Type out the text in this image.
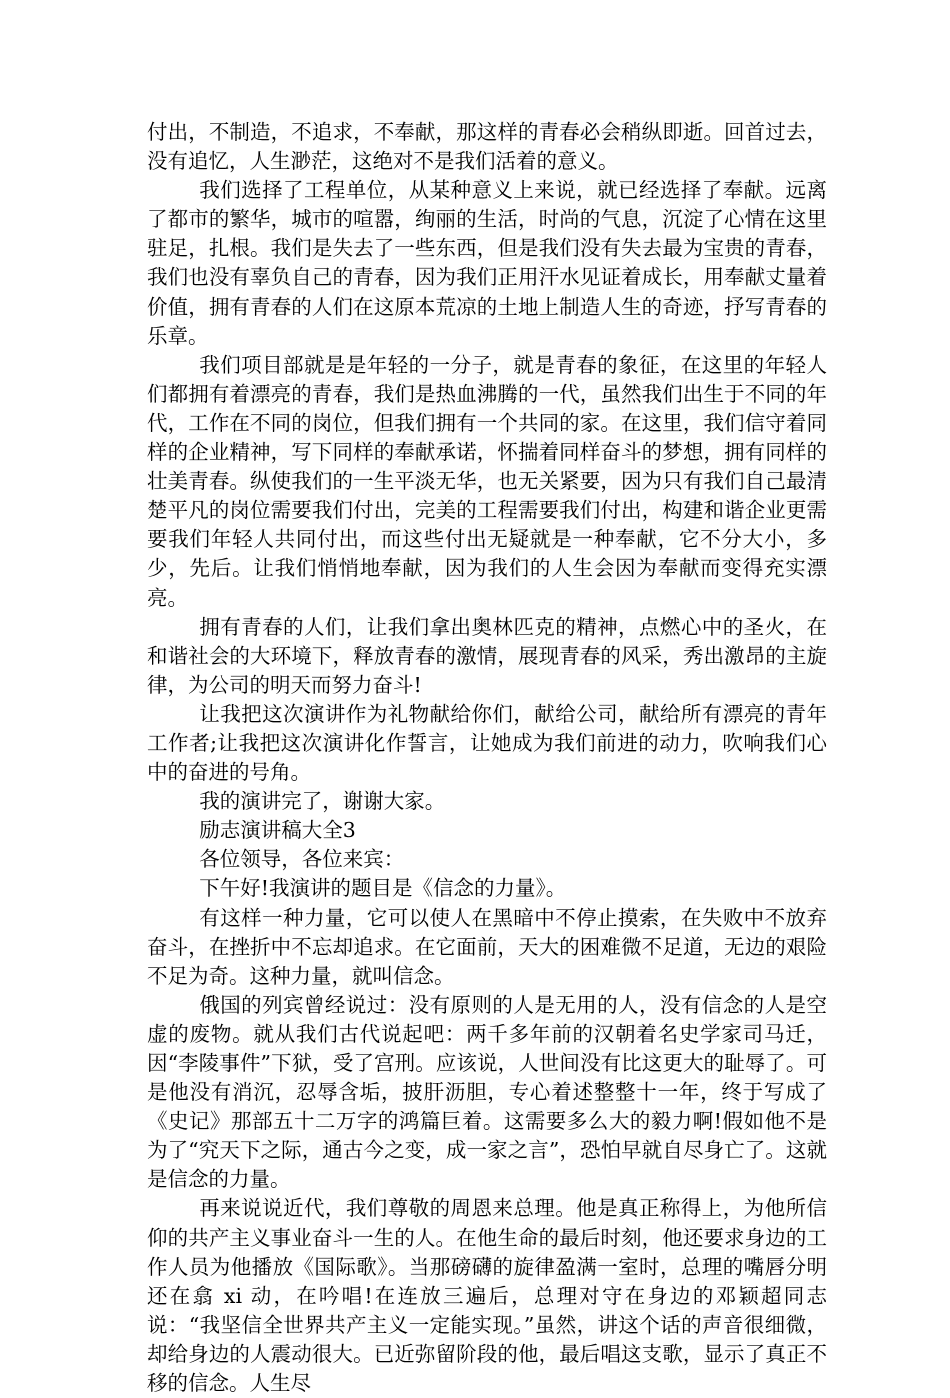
付出，不制造，不追求，不奉献，那这样的青春必会稍纵即逝。回首过去，没有追忆，人生渺茫，这绝对不是我们活着的意义。

我们选择了工程单位，从某种意义上来说，就已经选择了奉献。远离了都市的繁华，城市的喧嚣，绚丽的生活，时尚的气息，沉淀了心情在这里驻足，扎根。我们是失去了一些东西，但是我们没有失去最为宝贵的青春，我们也没有辜负自己的青春，因为我们正用汗水见证着成长，用奉献丈量着价值，拥有青春的人们在这原本荒凉的土地上制造人生的奇迹，抒写青春的乐章。

我们项目部就是是年轻的一分子，就是青春的象征，在这里的年轻人们都拥有着漂亮的青春，我们是热血沸腾的一代，虽然我们出生于不同的年代，工作在不同的岗位，但我们拥有一个共同的家。在这里，我们信守着同样的企业精神，写下同样的奉献承诺，怀揣着同样奋斗的梦想，拥有同样的壮美青春。纵使我们的一生平淡无华，也无关紧要，因为只有我们自己最清楚平凡的岗位需要我们付出，完美的工程需要我们付出，构建和谐企业更需要我们年轻人共同付出，而这些付出无疑就是一种奉献，它不分大小，多少，先后。让我们悄悄地奉献，因为我们的人生会因为奉献而变得充实漂亮。

拥有青春的人们，让我们拿出奥林匹克的精神，点燃心中的圣火，在和谐社会的大环境下，释放青春的激情，展现青春的风采，秀出激昂的主旋律，为公司的明天而努力奋斗!

让我把这次演讲作为礼物献给你们，献给公司，献给所有漂亮的青年工作者;让我把这次演讲化作誓言，让她成为我们前进的动力，吹响我们心中的奋进的号角。

我的演讲完了，谢谢大家。

励志演讲稿大全3

各位领导，各位来宾：

下午好!我演讲的题目是《信念的力量》。

有这样一种力量，它可以使人在黑暗中不停止摸索，在失败中不放弃奋斗，在挫折中不忘却追求。在它面前，天大的困难微不足道，无边的艰险不足为奇。这种力量，就叫信念。

俄国的列宾曾经说过：没有原则的人是无用的人，没有信念的人是空虚的废物。就从我们古代说起吧：两千多年前的汉朝着名史学家司马迁，因“李陵事件”下狱，受了宫刑。应该说，人世间没有比这更大的耻辱了。可是他没有消沉，忍辱含垢，披肝沥胆，专心着述整整十一年，终于写成了《史记》那部五十二万字的鸿篇巨着。这需要多么大的毅力啊!假如他不是为了“究天下之际，通古今之变，成一家之言”，恐怕早就自尽身亡了。这就是信念的力量。

再来说说近代，我们尊敬的周恩来总理。他是真正称得上，为他所信仰的共产主义事业奋斗一生的人。在他生命的最后时刻，他还要求身边的工作人员为他播放《国际歌》。当那磅礴的旋律盈满一室时，总理的嘴唇分明还在翕 xi 动，在吟唱!在连放三遍后，总理对守在身边的邓颖超同志说：“我坚信全世界共产主义一定能实现。”虽然，讲这个话的声音很细微，却给身边的人震动很大。已近弥留阶段的他，最后唱这支歌，显示了真正不移的信念。人生尽
